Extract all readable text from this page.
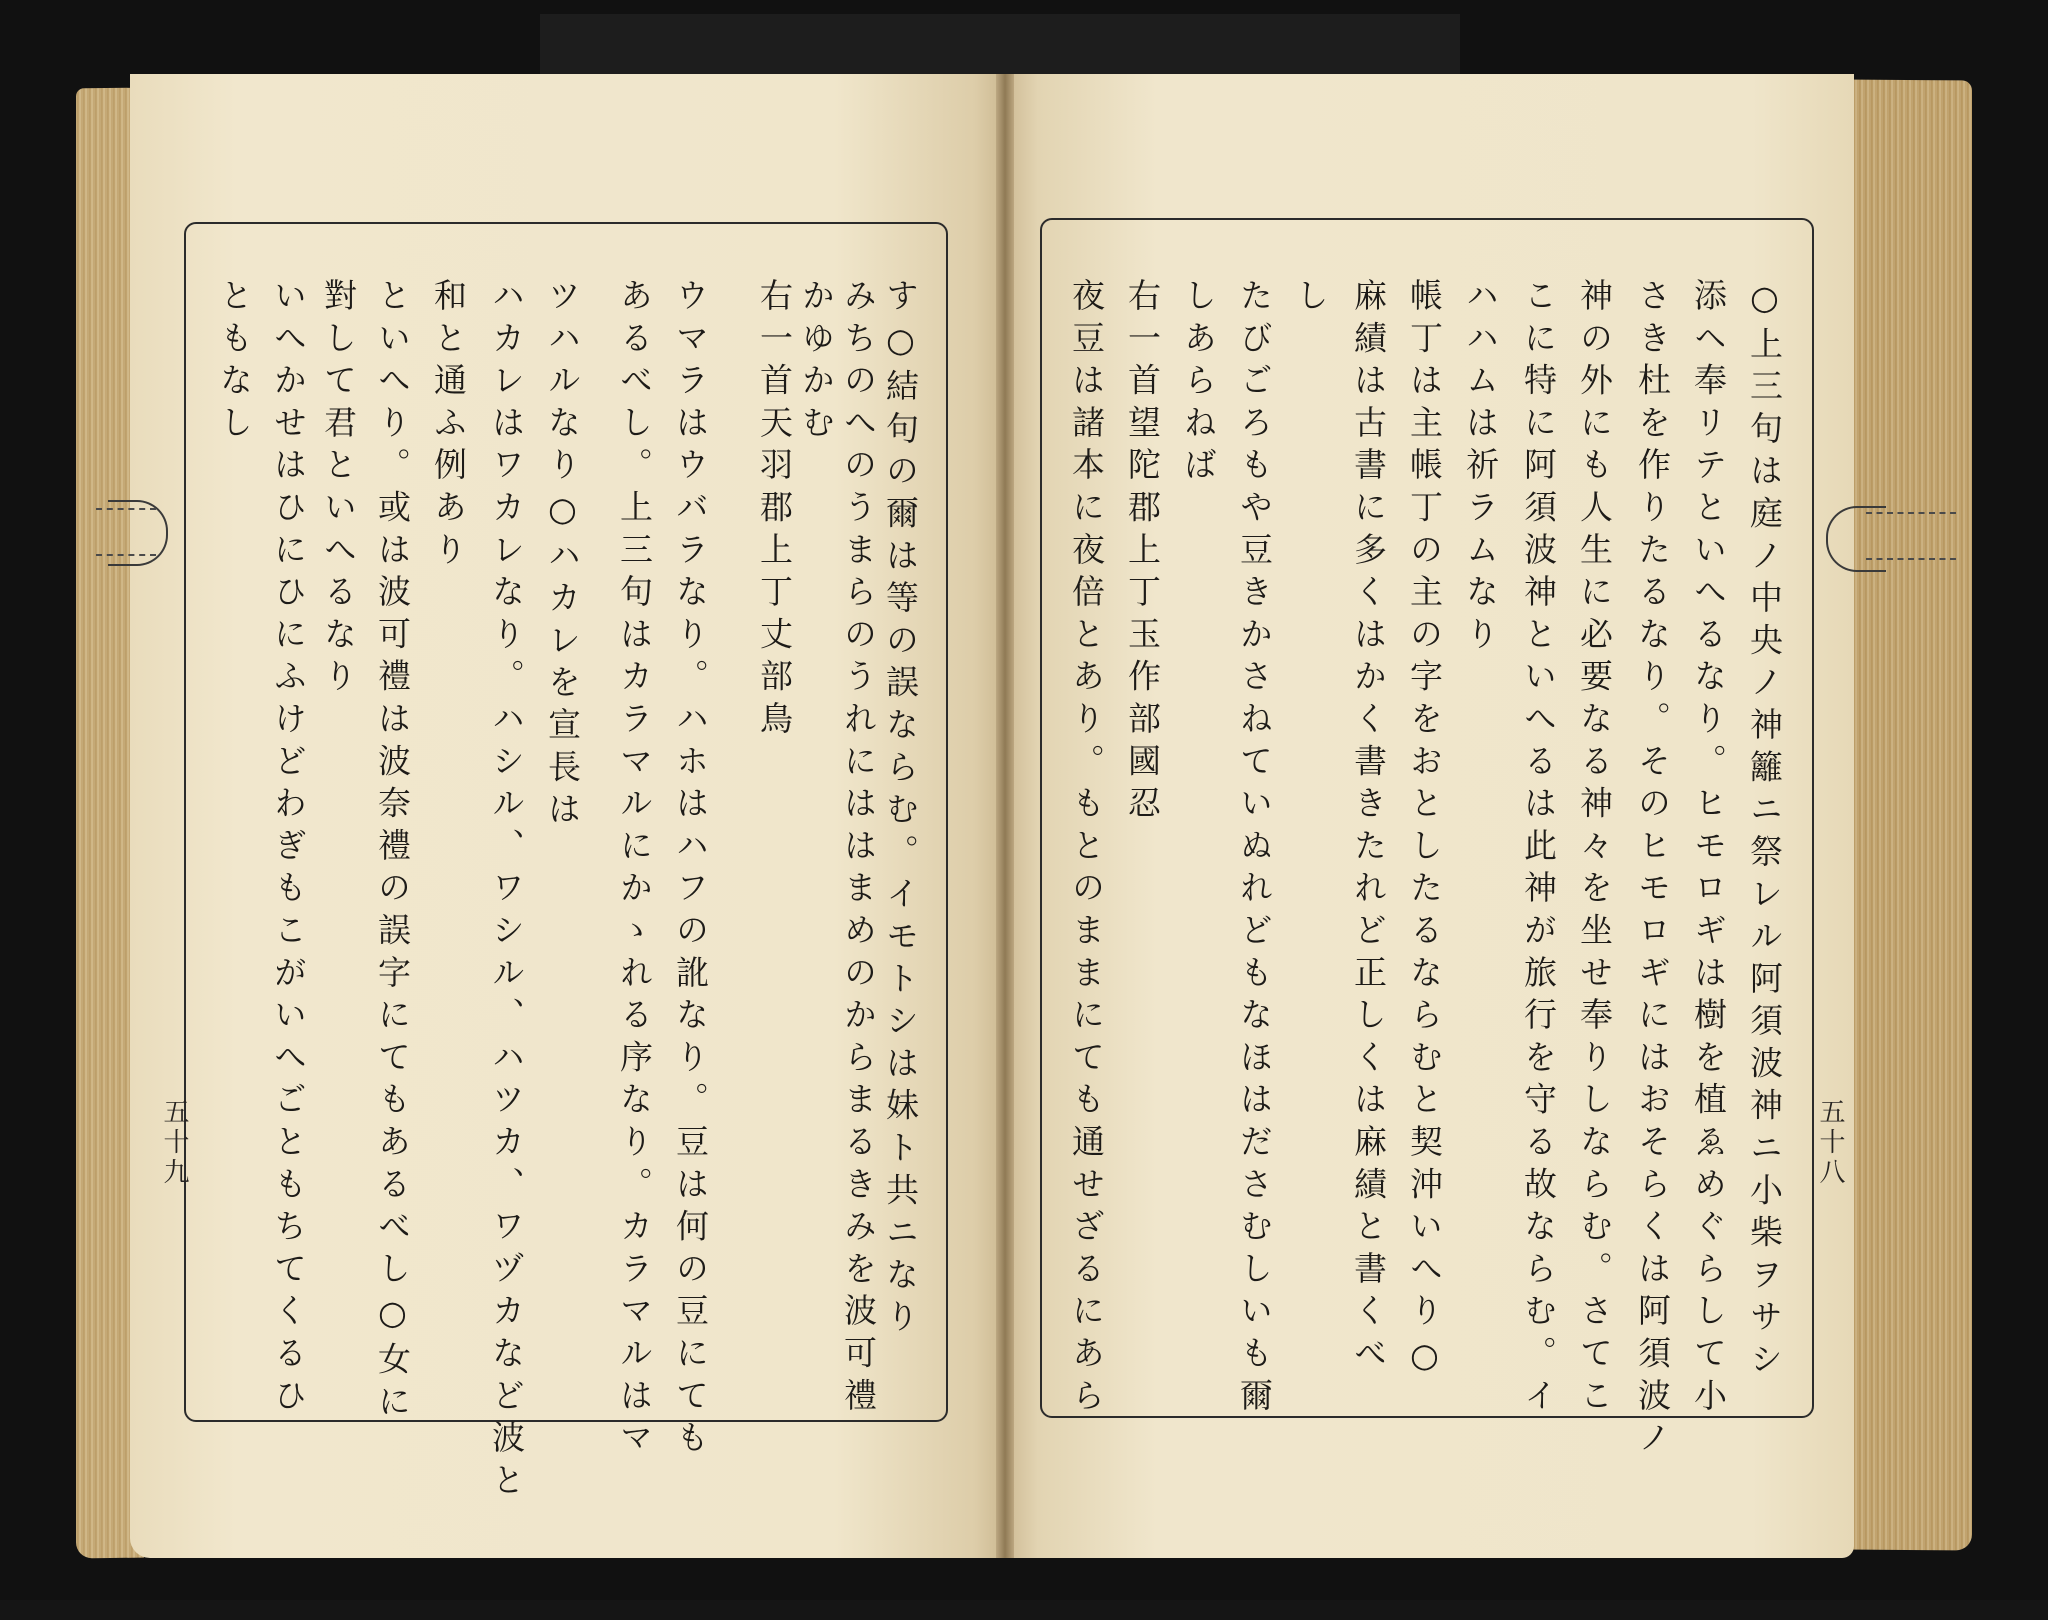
す○結句の爾は等の誤ならむ。イモトシは妹ト共ニなり
みちのへのうまらのうれにははまめのからまるきみを波可禮
かゆかむ
右一首天羽郡上丁丈部鳥
ウマラはウバラなり。ハホはハフの訛なり。豆は何の豆にても
あるべし。上三句はカラマルにかゝれる序なり。カラマルはマ
ツハルなり○ハカレを宣長は
ハカレはワカレなり。ハシル、ワシル、ハツカ、ワヅカなど波と
和と通ふ例あり
といへり。或は波可禮は波奈禮の誤字にてもあるべし○女に
對して君といへるなり
いへかせはひにひにふけどわぎもこがいへごともちてくるひ
ともなし	○上三句は庭ノ中央ノ神籬ニ祭レル阿須波神ニ小柴ヲサシ
添ヘ奉リテといへるなり。ヒモロギは樹を植ゑめぐらして小
さき杜を作りたるなり。そのヒモロギにはおそらくは阿須波ノ
神の外にも人生に必要なる神々を坐せ奉りしならむ。さてこ
こに特に阿須波神といへるは此神が旅行を守る故ならむ。イ
ハハムは祈ラムなり
帳丁は主帳丁の主の字をおとしたるならむと契沖いへり○
麻績は古書に多くはかく書きたれど正しくは麻績と書くべ
し
たびごろもや豆きかさねていぬれどもなほはださむしいも爾
しあらねば
右一首望陀郡上丁玉作部國忍
夜豆は諸本に夜倍とあり。もとのままにても通せざるにあら
五十九	五十八
